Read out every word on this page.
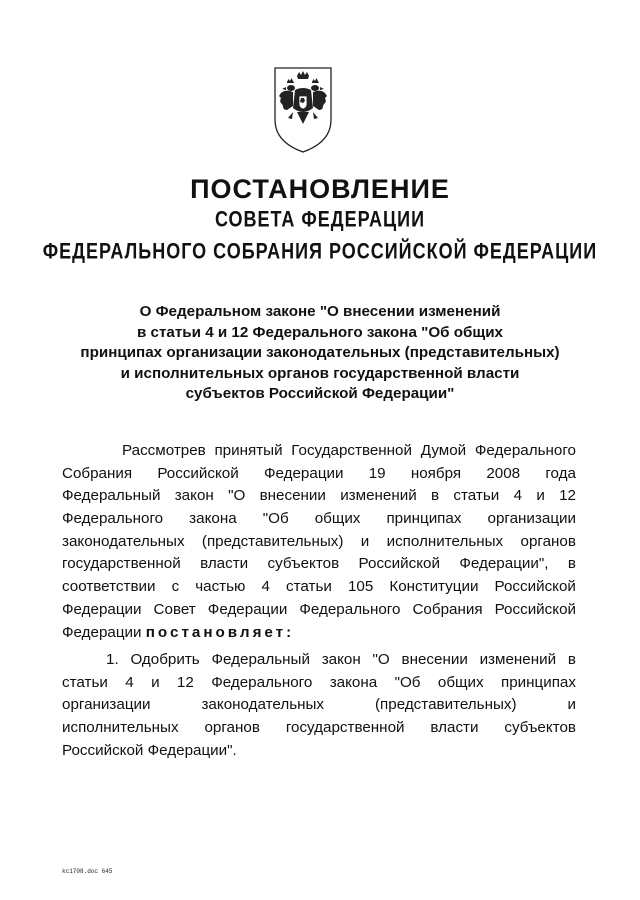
ПОСТАНОВЛЕНИЕ
СОВЕТА ФЕДЕРАЦИИ
ФЕДЕРАЛЬНОГО СОБРАНИЯ РОССИЙСКОЙ ФЕДЕРАЦИИ
О Федеральном законе "О внесении изменений
в статьи 4 и 12 Федерального закона "Об общих
принципах организации законодательных (представительных)
и исполнительных органов государственной власти
субъектов Российской Федерации"
Рассмотрев принятый Государственной Думой Федерального
Собрания Российской Федерации 19 ноября 2008 года
Федеральный закон "О внесении изменений в статьи 4 и 12
Федерального закона "Об общих принципах организации
законодательных (представительных) и исполнительных органов
государственной власти субъектов Российской Федерации", в
соответствии с частью 4 статьи 105 Конституции Российской
Федерации Совет Федерации Федерального Собрания Российской
Федерации постановляет:
1. Одобрить Федеральный закон "О внесении изменений в
статьи 4 и 12 Федерального закона "Об общих принципах
организации	законодательных	(представительных)	и
исполнительных органов государственной власти субъектов
Российской Федерации".
kc1708.doc 645
